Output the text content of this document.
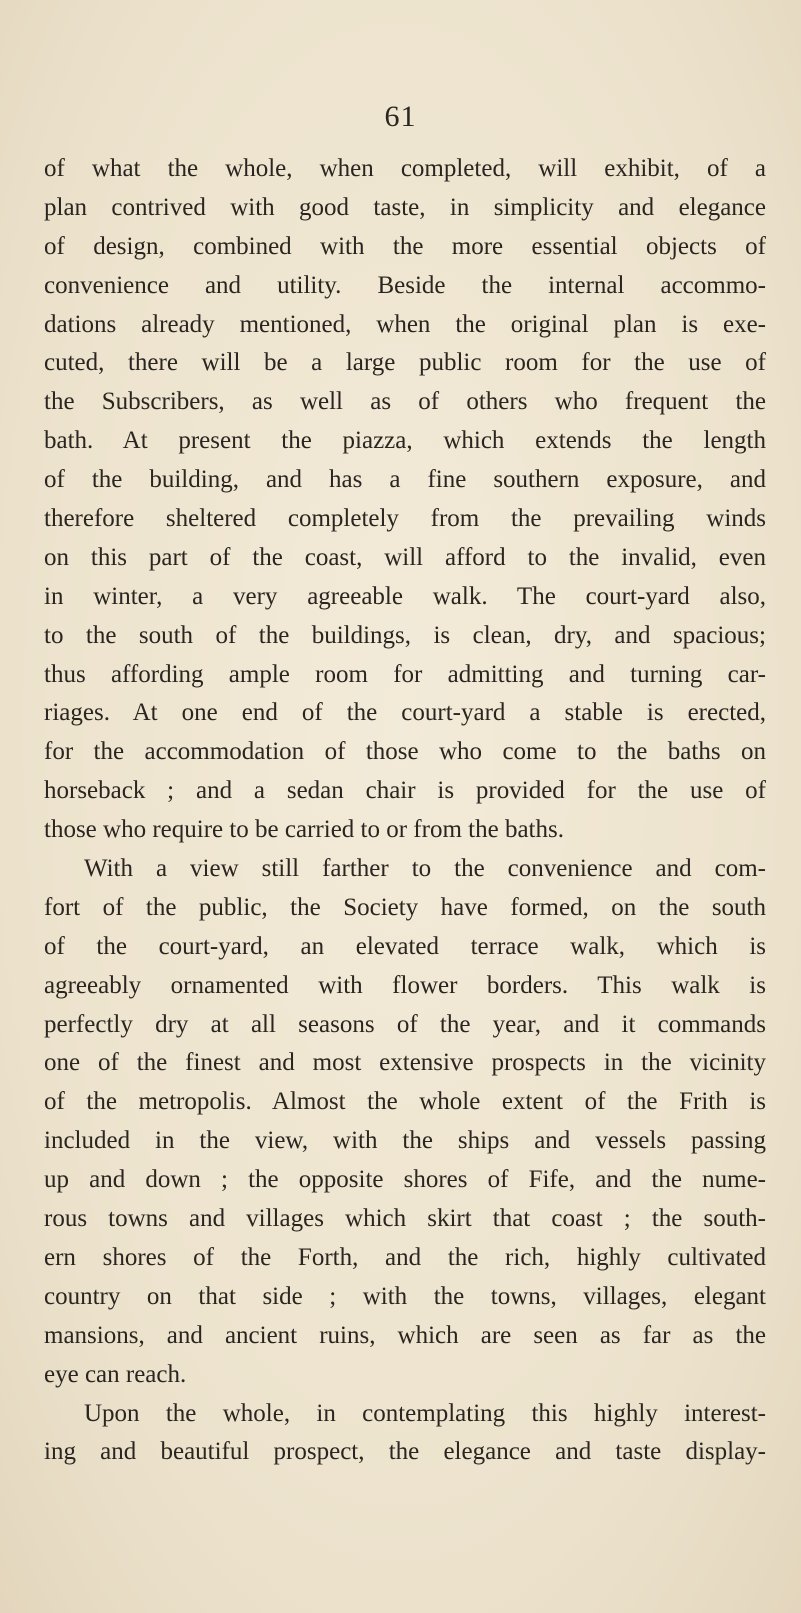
61
of what the whole, when completed, will exhibit, of a
plan contrived with good taste, in simplicity and elegance
of design, combined with the more essential objects of
convenience and utility. Beside the internal accommo-
dations already mentioned, when the original plan is exe-
cuted, there will be a large public room for the use of
the Subscribers, as well as of others who frequent the
bath. At present the piazza, which extends the length
of the building, and has a fine southern exposure, and
therefore sheltered completely from the prevailing winds
on this part of the coast, will afford to the invalid, even
in winter, a very agreeable walk. The court-yard also,
to the south of the buildings, is clean, dry, and spacious;
thus affording ample room for admitting and turning car-
riages. At one end of the court-yard a stable is erected,
for the accommodation of those who come to the baths on
horseback ; and a sedan chair is provided for the use of
those who require to be carried to or from the baths.
With a view still farther to the convenience and com-
fort of the public, the Society have formed, on the south
of the court-yard, an elevated terrace walk, which is
agreeably ornamented with flower borders. This walk is
perfectly dry at all seasons of the year, and it commands
one of the finest and most extensive prospects in the vicinity
of the metropolis. Almost the whole extent of the Frith is
included in the view, with the ships and vessels passing
up and down ; the opposite shores of Fife, and the nume-
rous towns and villages which skirt that coast ; the south-
ern shores of the Forth, and the rich, highly cultivated
country on that side ; with the towns, villages, elegant
mansions, and ancient ruins, which are seen as far as the
eye can reach.
Upon the whole, in contemplating this highly interest-
ing and beautiful prospect, the elegance and taste display-
